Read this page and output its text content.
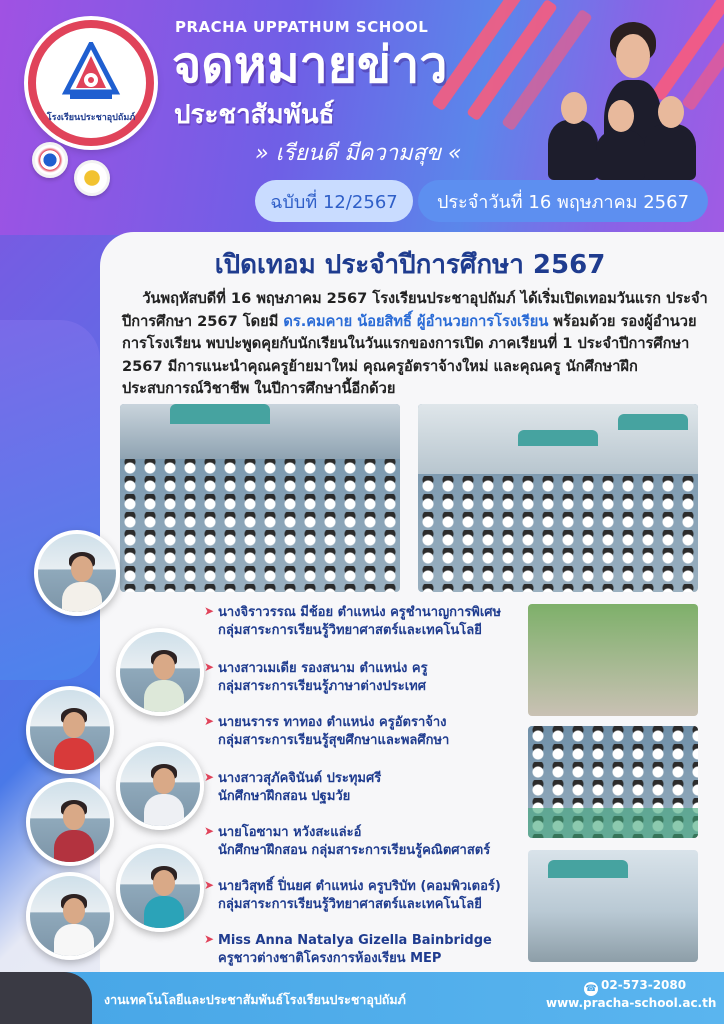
โรงเรียนประชาอุปถัมภ์
PRACHA UPPATHUM SCHOOL
จดหมายข่าว
ประชาสัมพันธ์
» เรียนดี มีความสุข «
ฉบับที่ 12/2567	ประจำวันที่ 16 พฤษภาคม 2567
เปิดเทอม ประจำปีการศึกษา 2567
วันพฤหัสบดีที่ 16 พฤษภาคม 2567 โรงเรียนประชาอุปถัมภ์ ได้เริ่มเปิดเทอมวันแรก ประจำปีการศึกษา 2567 โดยมี ดร.คมคาย น้อยสิทธิ์ ผู้อำนวยการโรงเรียน พร้อมด้วย รองผู้อำนวยการโรงเรียน พบปะพูดคุยกับนักเรียนในวันแรกของการเปิด ภาคเรียนที่ 1 ประจำปีการศึกษา 2567 มีการแนะนำคุณครูย้ายมาใหม่ คุณครูอัตราจ้างใหม่ และคุณครู นักศึกษาฝึกประสบการณ์วิชาชีพ ในปีการศึกษานี้อีกด้วย
➤ นางจิราวรรณ มีช้อย ตำแหน่ง ครูชำนาญการพิเศษ
กลุ่มสาระการเรียนรู้วิทยาศาสตร์และเทคโนโลยี
➤ นางสาวเมเดีย รองสนาม ตำแหน่ง ครู
กลุ่มสาระการเรียนรู้ภาษาต่างประเทศ
➤ นายนรารร ทาทอง ตำแหน่ง ครูอัตราจ้าง
กลุ่มสาระการเรียนรู้สุขศึกษาและพลศึกษา
➤ นางสาวสุภัคจินันต์ ประทุมศรี
นักศึกษาฝึกสอน ปฐมวัย
➤ นายโอซามา หวังสะแล่ะอ์
นักศึกษาฝึกสอน กลุ่มสาระการเรียนรู้คณิตศาสตร์
➤ นายวิสุทธิ์ ปิ่นยศ ตำแหน่ง ครูบริบัท (คอมพิวเตอร์)
กลุ่มสาระการเรียนรู้วิทยาศาสตร์และเทคโนโลยี
➤ Miss Anna Natalya Gizella Bainbridge
ครูชาวต่างชาติโครงการห้องเรียน MEP
งานเทคโนโลยีและประชาสัมพันธ์โรงเรียนประชาอุปถัมภ์
☎ 02-573-2080
www.pracha-school.ac.th
